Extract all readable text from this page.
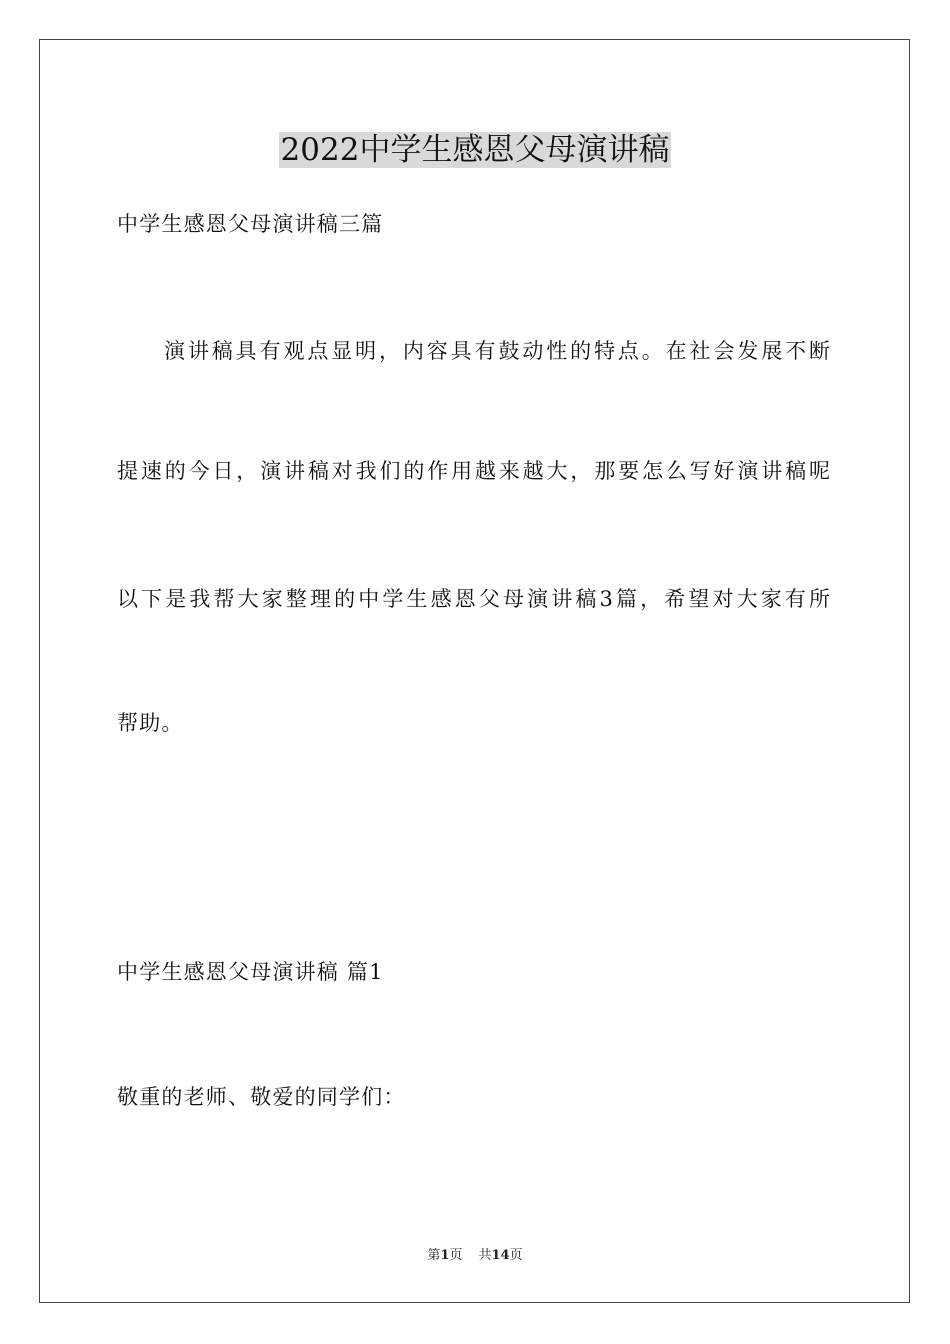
2022中学生感恩父母演讲稿
中学生感恩父母演讲稿三篇
演讲稿具有观点显明，内容具有鼓动性的特点。在社会发展不断
提速的今日，演讲稿对我们的作用越来越大，那要怎么写好演讲稿呢
以下是我帮大家整理的中学生感恩父母演讲稿3篇，希望对大家有所
帮助。
中学生感恩父母演讲稿 篇1
敬重的老师、敬爱的同学们：
第1页 共14页
